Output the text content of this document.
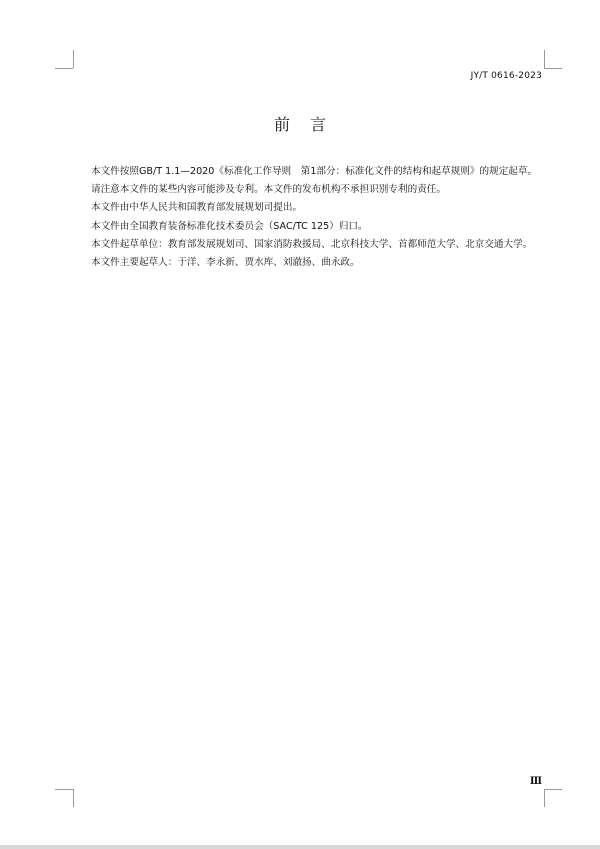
JY/T 0616-2023
前言

本文件按照GB/T 1.1—2020《标准化工作导则　第1部分：标准化文件的结构和起草规则》的规定起草。

请注意本文件的某些内容可能涉及专利。本文件的发布机构不承担识别专利的责任。

本文件由中华人民共和国教育部发展规划司提出。

本文件由全国教育装备标准化技术委员会（SAC/TC 125）归口。

本文件起草单位：教育部发展规划司、国家消防救援局、北京科技大学、首都师范大学、北京交通大学。

本文件主要起草人：于洋、李永新、贾水库、刘澈扬、曲永政。

Ⅲ
